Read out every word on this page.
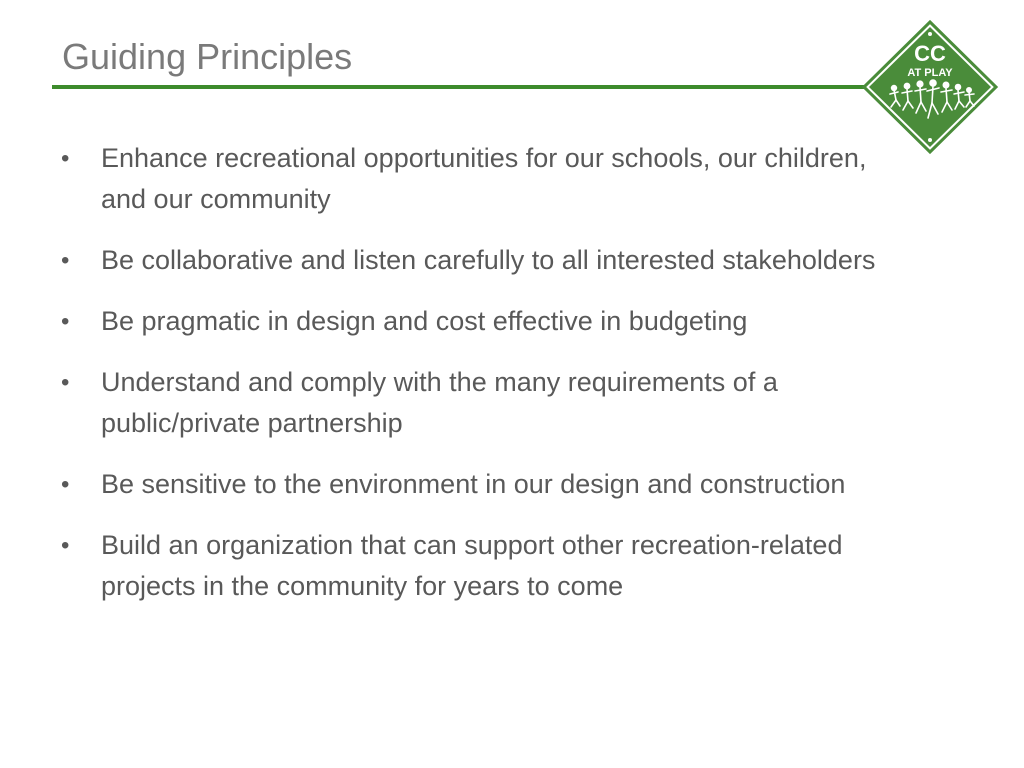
Guiding Principles	CC
AT PLAY
• Enhance recreational opportunities for our schools, our children, and our community
• Be collaborative and listen carefully to all interested stakeholders
• Be pragmatic in design and cost effective in budgeting
• Understand and comply with the many requirements of a public/private partnership
• Be sensitive to the environment in our design and construction
• Build an organization that can support other recreation-related projects in the community for years to come
